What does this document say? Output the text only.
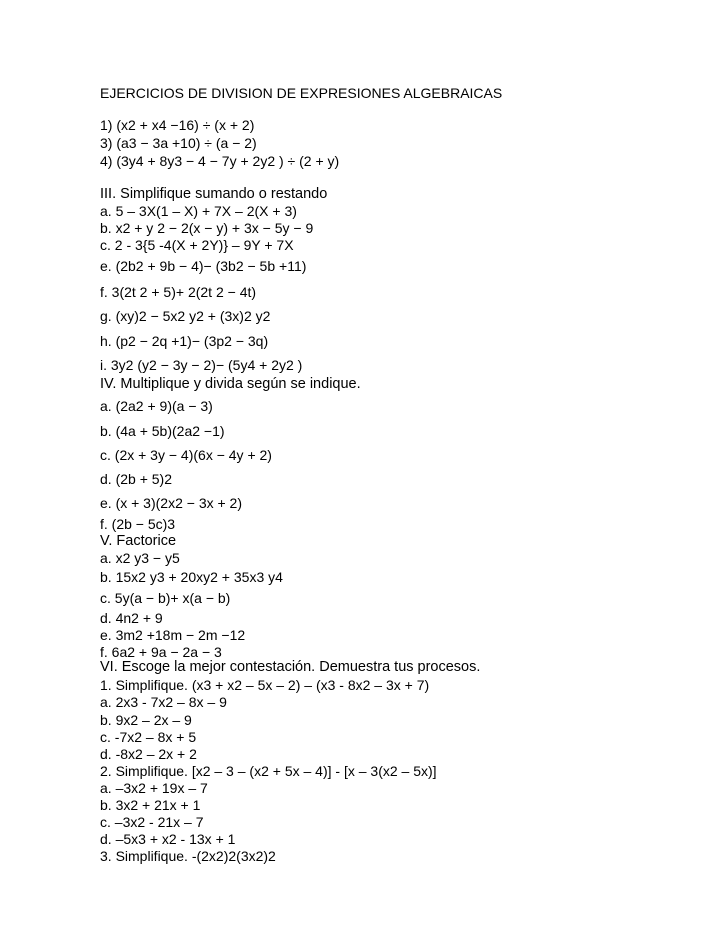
EJERCICIOS DE DIVISION DE EXPRESIONES ALGEBRAICAS
1) (x2 + x4 −16) ÷ (x + 2)
3) (a3 − 3a +10) ÷ (a − 2)
4) (3y4 + 8y3 − 4 − 7y + 2y2 ) ÷ (2 + y)
III. Simplifique sumando o restando
a. 5 – 3X(1 – X) + 7X – 2(X + 3)
b. x2 + y 2 − 2(x − y) + 3x − 5y − 9
c. 2 - 3{5 -4(X + 2Y)} – 9Y + 7X
e. (2b2 + 9b − 4)− (3b2 − 5b +11)
f. 3(2t 2 + 5)+ 2(2t 2 − 4t)
g. (xy)2 − 5x2 y2 + (3x)2 y2
h. (p2 − 2q +1)− (3p2 − 3q)
i. 3y2 (y2 − 3y − 2)− (5y4 + 2y2 )
IV. Multiplique y divida según se indique.
a. (2a2 + 9)(a − 3)
b. (4a + 5b)(2a2 −1)
c. (2x + 3y − 4)(6x − 4y + 2)
d. (2b + 5)2
e. (x + 3)(2x2 − 3x + 2)
f. (2b − 5c)3
V. Factorice
a. x2 y3 − y5
b. 15x2 y3 + 20xy2 + 35x3 y4
c. 5y(a − b)+ x(a − b)
d. 4n2 + 9
e. 3m2 +18m − 2m −12
f. 6a2 + 9a − 2a − 3
VI. Escoge la mejor contestación. Demuestra tus procesos.
1. Simplifique. (x3 + x2 – 5x – 2) – (x3 - 8x2 – 3x + 7)
a. 2x3 - 7x2 – 8x – 9
b. 9x2 – 2x – 9
c. -7x2 – 8x + 5
d. -8x2 – 2x + 2
2. Simplifique. [x2 – 3 – (x2 + 5x – 4)] - [x – 3(x2 – 5x)]
a. –3x2 + 19x – 7
b. 3x2 + 21x + 1
c. –3x2 - 21x – 7
d. –5x3 + x2 - 13x + 1
3. Simplifique. -(2x2)2(3x2)2
